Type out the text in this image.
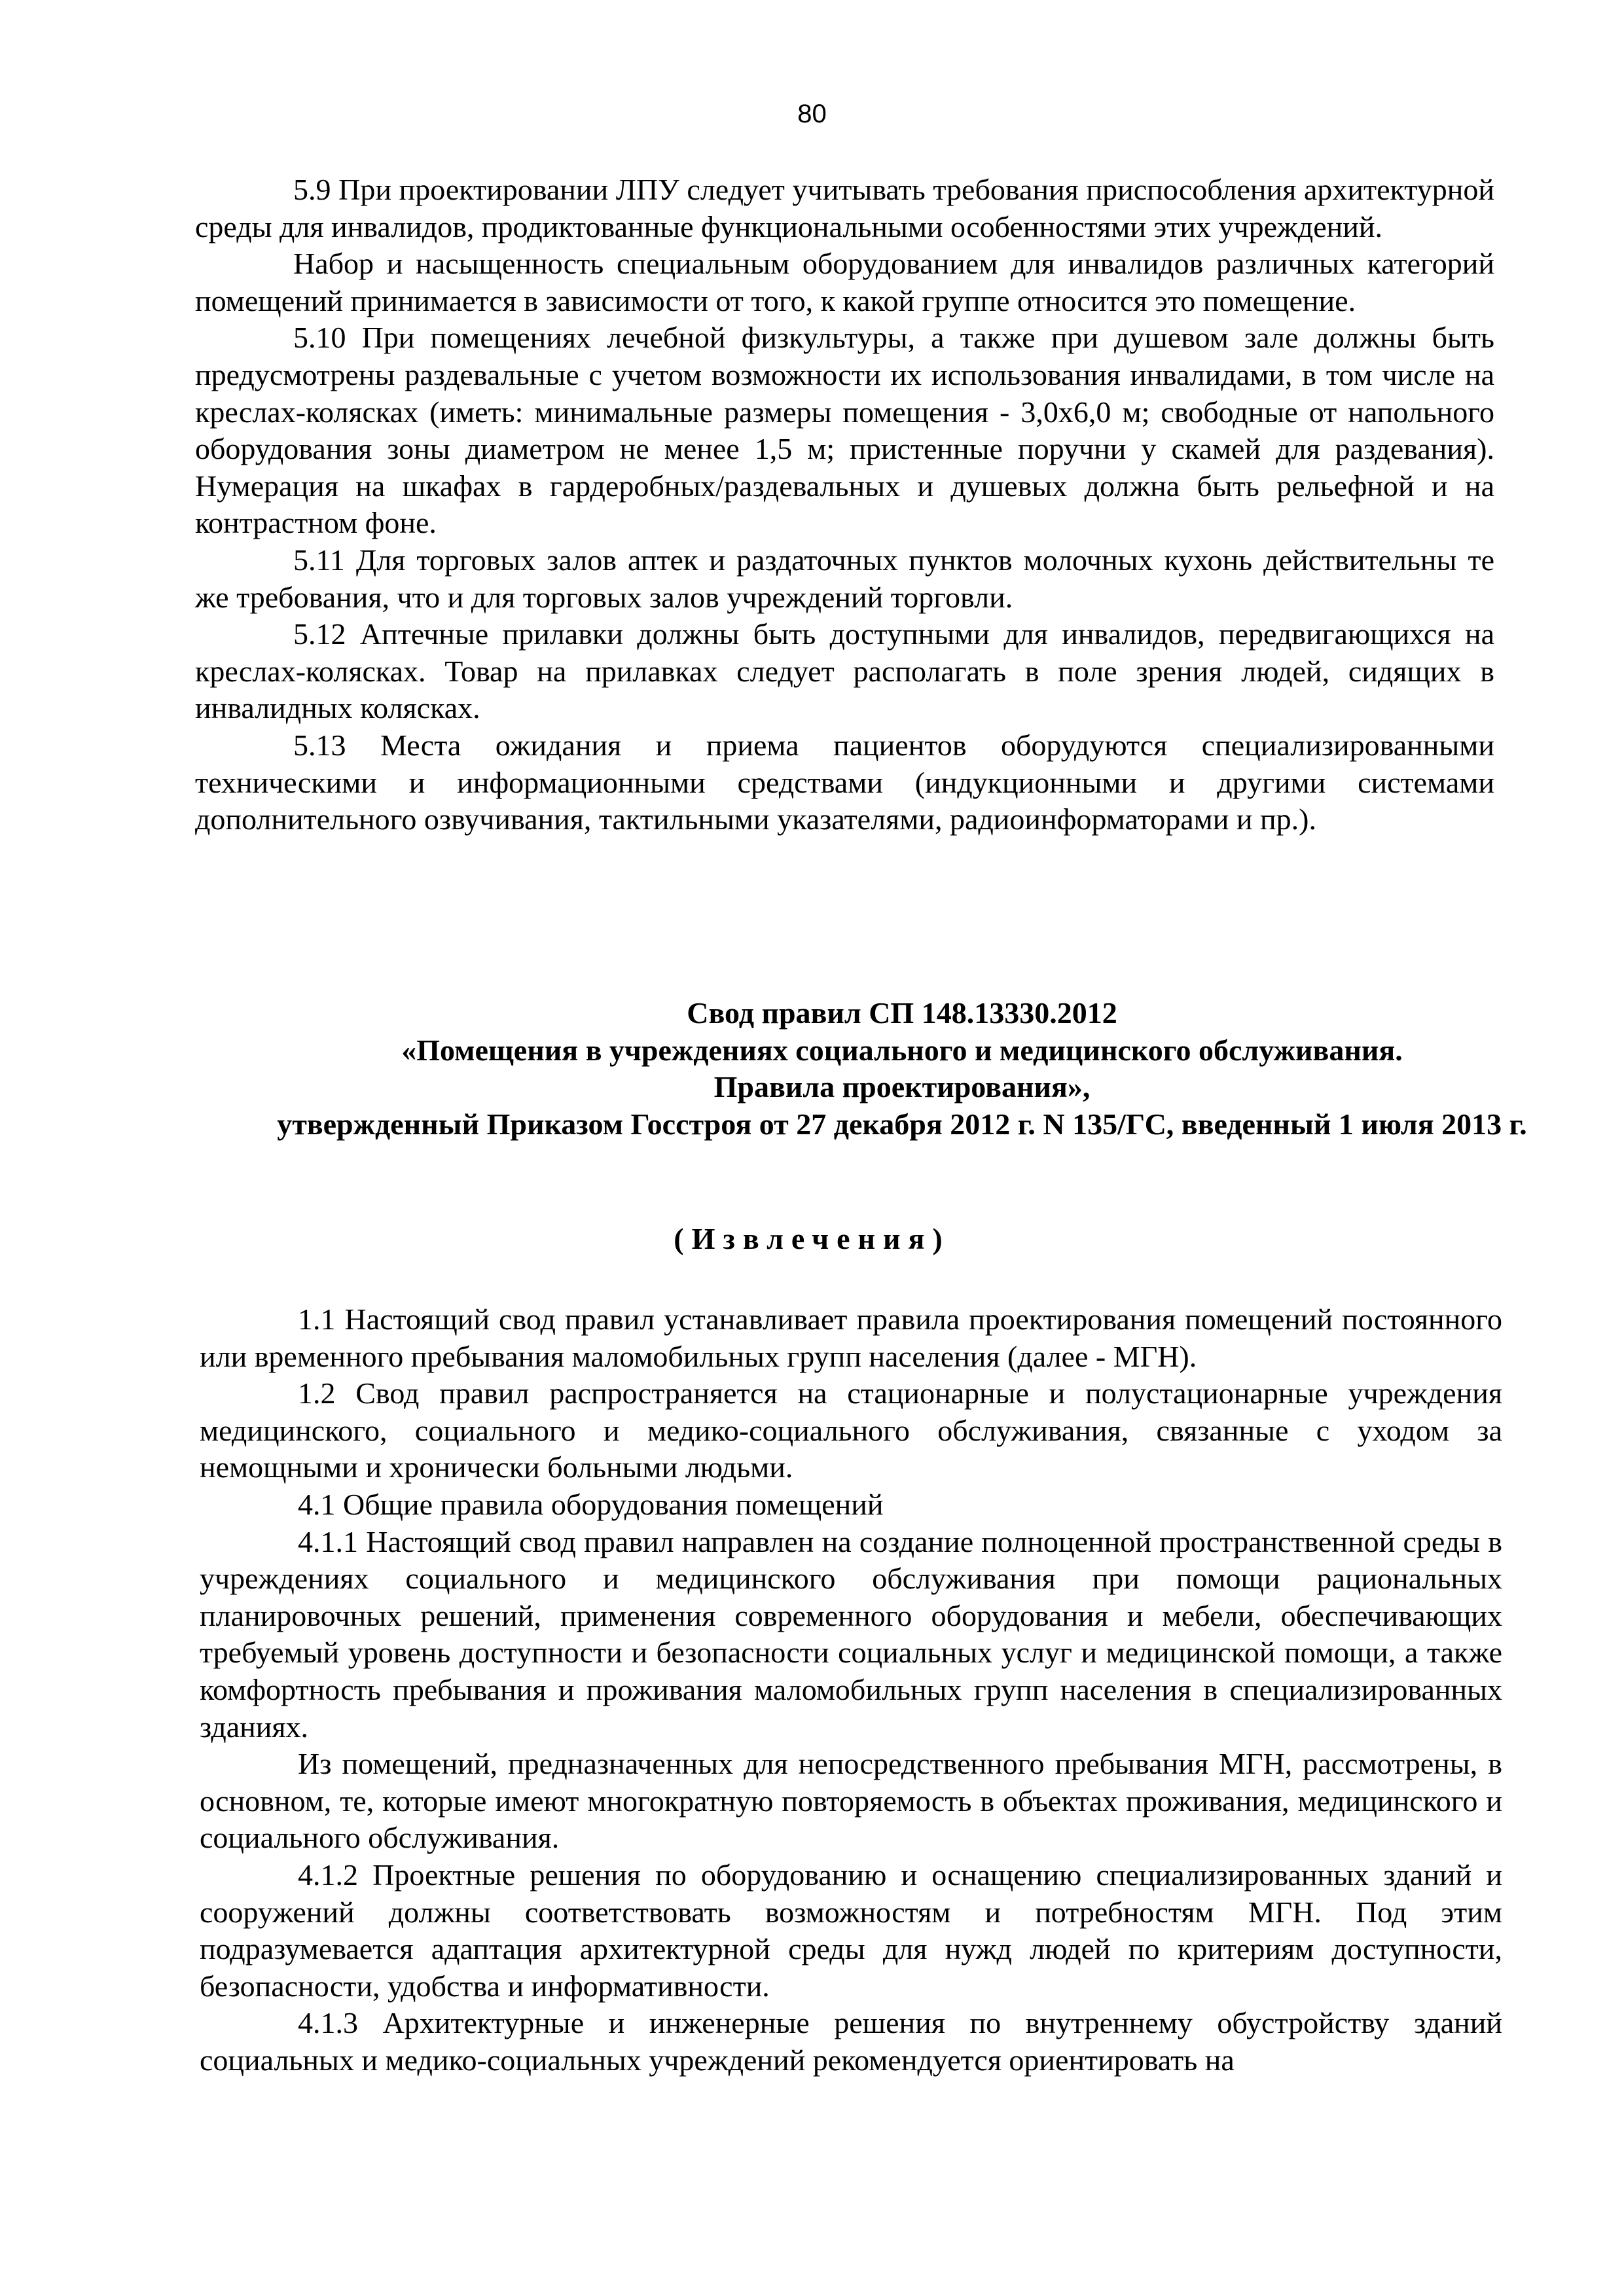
80

5.9 При проектировании ЛПУ следует учитывать требования приспособления архитектурной среды для инвалидов, продиктованные функциональными особенностями этих учреждений.

Набор и насыщенность специальным оборудованием для инвалидов различных категорий помещений принимается в зависимости от того, к какой группе относится это помещение.

5.10 При помещениях лечебной физкультуры, а также при душевом зале должны быть предусмотрены раздевальные с учетом возможности их использования инвалидами, в том числе на креслах-колясках (иметь: минимальные размеры помещения - 3,0х6,0 м; свободные от напольного оборудования зоны диаметром не менее 1,5 м; пристенные поручни у скамей для раздевания). Нумерация на шкафах в гардеробных/раздевальных и душевых должна быть рельефной и на контрастном фоне.

5.11 Для торговых залов аптек и раздаточных пунктов молочных кухонь действительны те же требования, что и для торговых залов учреждений торговли.

5.12 Аптечные прилавки должны быть доступными для инвалидов, передвигающихся на креслах-колясках. Товар на прилавках следует располагать в поле зрения людей, сидящих в инвалидных колясках.

5.13 Места ожидания и приема пациентов оборудуются специализированными техническими и информационными средствами (индукционными и другими системами дополнительного озвучивания, тактильными указателями, радиоинформаторами и пр.).

Свод правил СП 148.13330.2012
«Помещения в учреждениях социального и медицинского обслуживания.
Правила проектирования»,
утвержденный Приказом Госстроя от 27 декабря 2012 г. N 135/ГС, введенный 1 июля 2013 г.
(Извлечения)

1.1 Настоящий свод правил устанавливает правила проектирования помещений постоянного или временного пребывания маломобильных групп населения (далее - МГН).

1.2 Свод правил распространяется на стационарные и полустационарные учреждения медицинского, социального и медико-социального обслуживания, связанные с уходом за немощными и хронически больными людьми.

4.1 Общие правила оборудования помещений

4.1.1 Настоящий свод правил направлен на создание полноценной пространственной среды в учреждениях социального и медицинского обслуживания при помощи рациональных планировочных решений, применения современного оборудования и мебели, обеспечивающих требуемый уровень доступности и безопасности социальных услуг и медицинской помощи, а также комфортность пребывания и проживания маломобильных групп населения в специализированных зданиях.

Из помещений, предназначенных для непосредственного пребывания МГН, рассмотрены, в основном, те, которые имеют многократную повторяемость в объектах проживания, медицинского и социального обслуживания.

4.1.2 Проектные решения по оборудованию и оснащению специализированных зданий и сооружений должны соответствовать возможностям и потребностям МГН. Под этим подразумевается адаптация архитектурной среды для нужд людей по критериям доступности, безопасности, удобства и информативности.

4.1.3 Архитектурные и инженерные решения по внутреннему обустройству зданий социальных и медико-социальных учреждений рекомендуется ориентировать на
